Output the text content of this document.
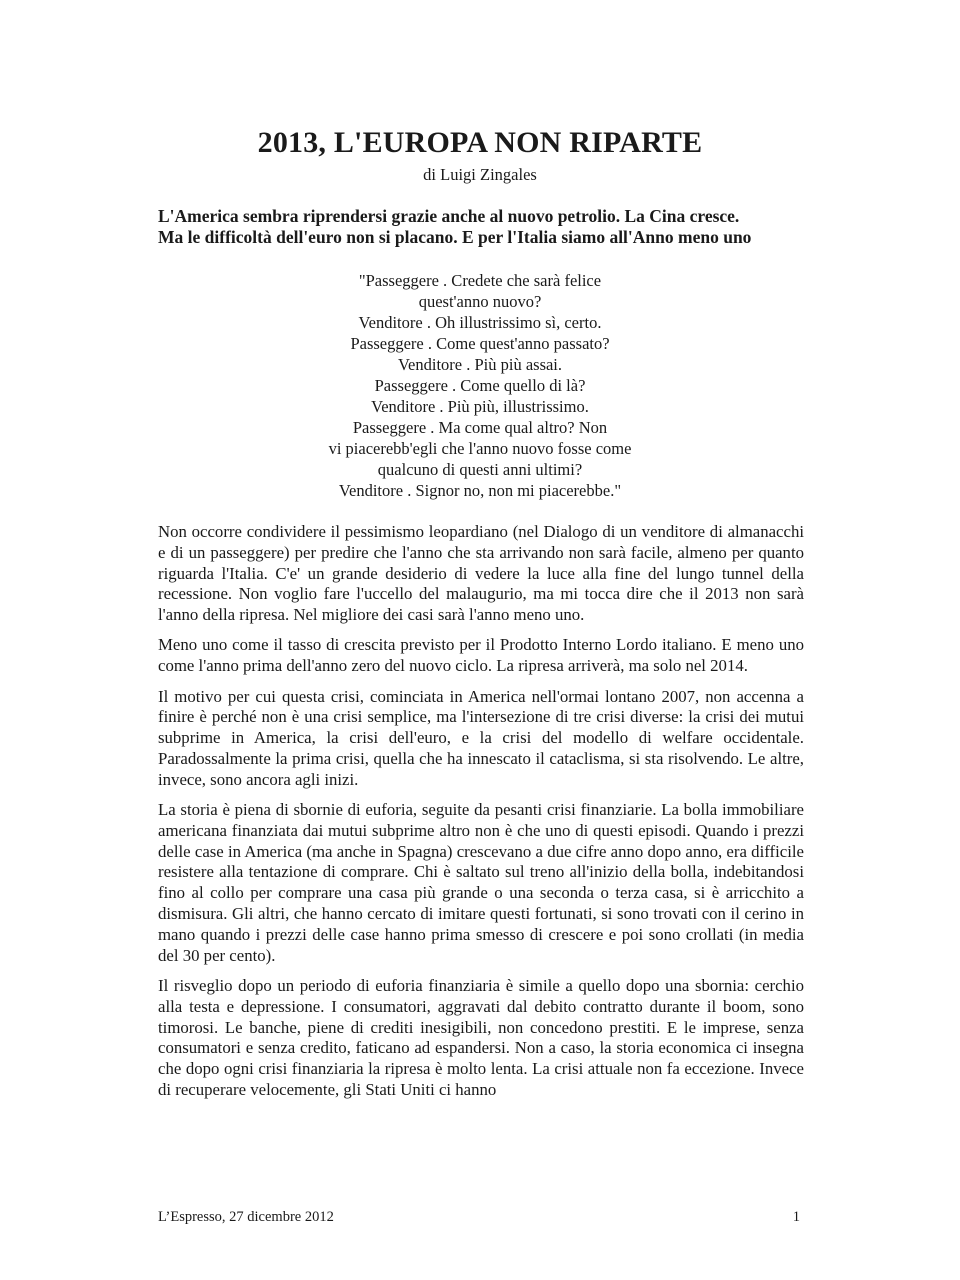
2013, L'EUROPA NON RIPARTE

di Luigi Zingales

L'America sembra riprendersi grazie anche al nuovo petrolio. La Cina cresce.
Ma le difficoltà dell'euro non si placano. E per l'Italia siamo all'Anno meno uno
"Passeggere . Credete che sarà felice
quest'anno nuovo?
Venditore . Oh illustrissimo sì, certo.
Passeggere . Come quest'anno passato?
Venditore . Più più assai.
Passeggere . Come quello di là?
Venditore . Più più, illustrissimo.
Passeggere . Ma come qual altro? Non
vi piacerebb'egli che l'anno nuovo fosse come
qualcuno di questi anni ultimi?
Venditore . Signor no, non mi piacerebbe."

Non occorre condividere il pessimismo leopardiano (nel Dialogo di un venditore di almanacchi e di un passeggere) per predire che l'anno che sta arrivando non sarà facile, almeno per quanto riguarda l'Italia. C'e' un grande desiderio di vedere la luce alla fine del lungo tunnel della recessione. Non voglio fare l'uccello del malaugurio, ma mi tocca dire che il 2013 non sarà l'anno della ripresa. Nel migliore dei casi sarà l'anno meno uno.

Meno uno come il tasso di crescita previsto per il Prodotto Interno Lordo italiano. E meno uno come l'anno prima dell'anno zero del nuovo ciclo. La ripresa arriverà, ma solo nel 2014.

Il motivo per cui questa crisi, cominciata in America nell'ormai lontano 2007, non accenna a finire è perché non è una crisi semplice, ma l'intersezione di tre crisi diverse: la crisi dei mutui subprime in America, la crisi dell'euro, e la crisi del modello di welfare occidentale. Paradossalmente la prima crisi, quella che ha innescato il cataclisma, si sta risolvendo. Le altre, invece, sono ancora agli inizi.

La storia è piena di sbornie di euforia, seguite da pesanti crisi finanziarie. La bolla immobiliare americana finanziata dai mutui subprime altro non è che uno di questi episodi. Quando i prezzi delle case in America (ma anche in Spagna) crescevano a due cifre anno dopo anno, era difficile resistere alla tentazione di comprare. Chi è saltato sul treno all'inizio della bolla, indebitandosi fino al collo per comprare una casa più grande o una seconda o terza casa, si è arricchito a dismisura. Gli altri, che hanno cercato di imitare questi fortunati, si sono trovati con il cerino in mano quando i prezzi delle case hanno prima smesso di crescere e poi sono crollati (in media del 30 per cento).

Il risveglio dopo un periodo di euforia finanziaria è simile a quello dopo una sbornia: cerchio alla testa e depressione. I consumatori, aggravati dal debito contratto durante il boom, sono timorosi. Le banche, piene di crediti inesigibili, non concedono prestiti. E le imprese, senza consumatori e senza credito, faticano ad espandersi. Non a caso, la storia economica ci insegna che dopo ogni crisi finanziaria la ripresa è molto lenta. La crisi attuale non fa eccezione. Invece di recuperare velocemente, gli Stati Uniti ci hanno

L’Espresso, 27 dicembre 2012	1
